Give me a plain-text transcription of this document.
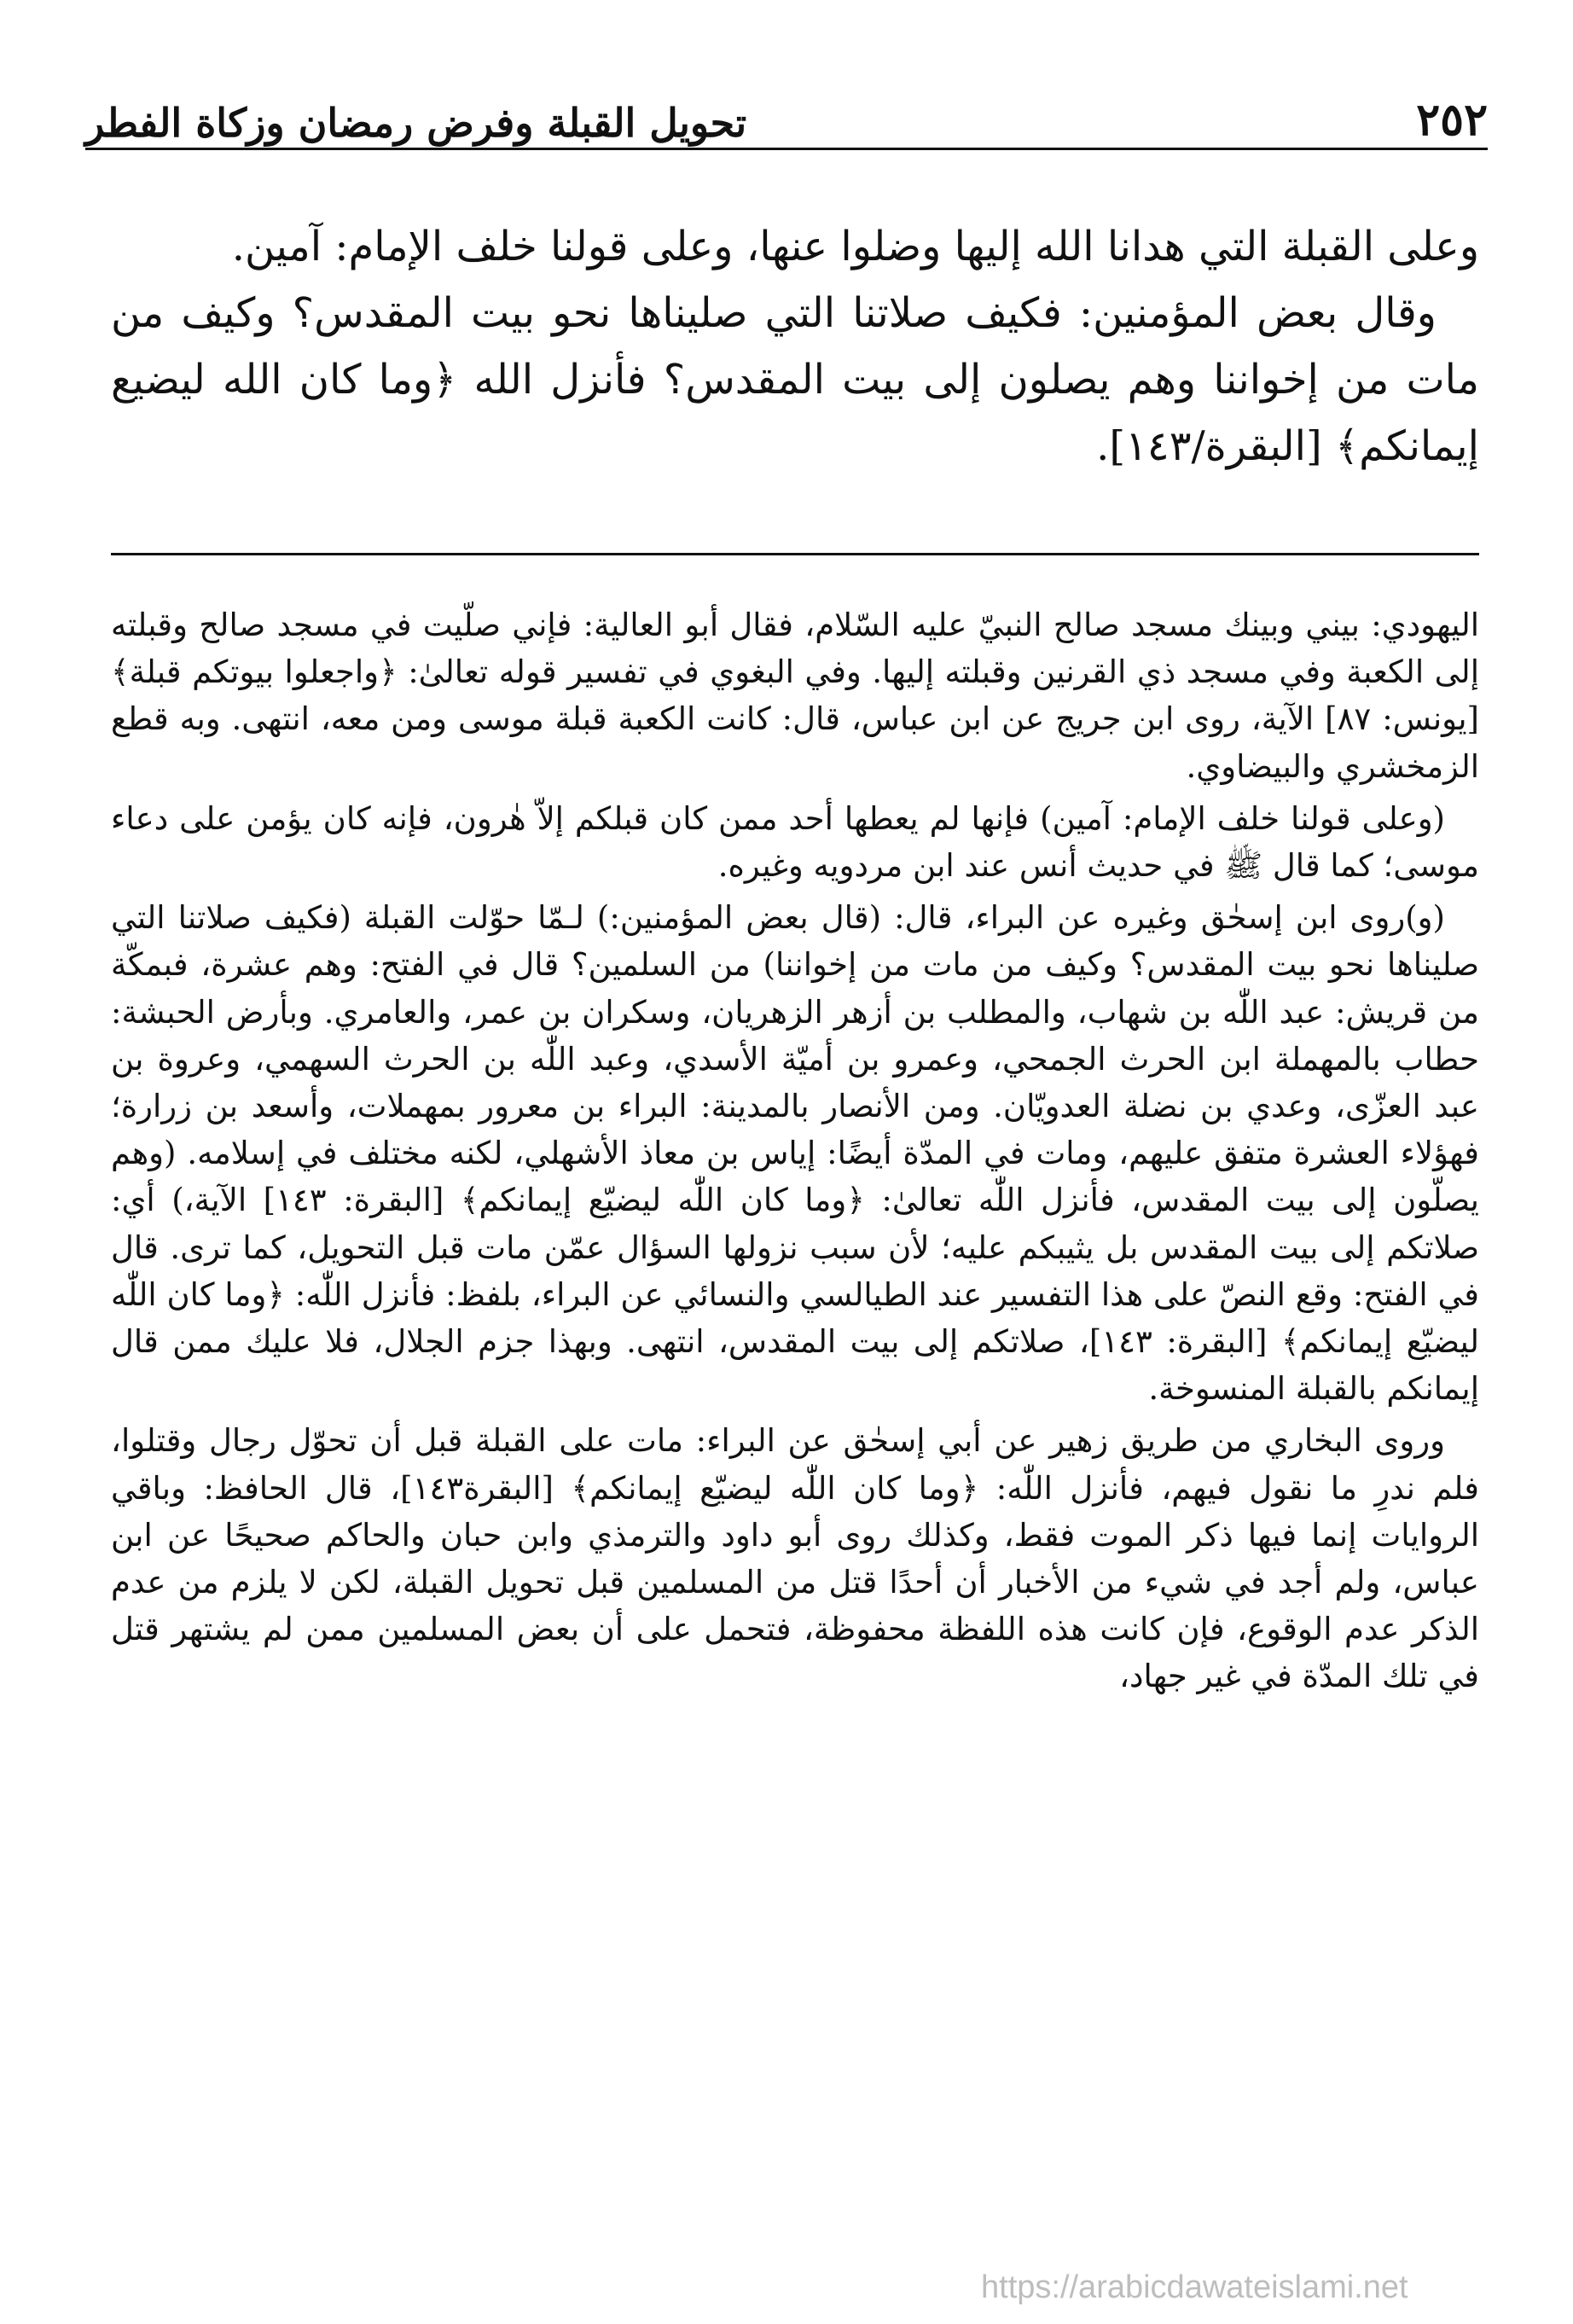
٢٥٢
تحويل القبلة وفرض رمضان وزكاة الفطر

وعلى القبلة التي هدانا الله إليها وضلوا عنها، وعلى قولنا خلف الإمام: آمين.

وقال بعض المؤمنين: فكيف صلاتنا التي صليناها نحو بيت المقدس؟ وكيف من مات من إخواننا وهم يصلون إلى بيت المقدس؟ فأنزل الله ﴿وما كان الله ليضيع إيمانكم﴾ [البقرة/١٤٣].

اليهودي: بيني وبينك مسجد صالح النبيّ عليه السّلام، فقال أبو العالية: فإني صلّيت في مسجد صالح وقبلته إلى الكعبة وفي مسجد ذي القرنين وقبلته إليها. وفي البغوي في تفسير قوله تعالىٰ: ﴿واجعلوا بيوتكم قبلة﴾ [يونس: ٨٧] الآية، روى ابن جريج عن ابن عباس، قال: كانت الكعبة قبلة موسى ومن معه، انتهى. وبه قطع الزمخشري والبيضاوي.

(وعلى قولنا خلف الإمام: آمين) فإنها لم يعطها أحد ممن كان قبلكم إلاّ هٰرون، فإنه كان يؤمن على دعاء موسى؛ كما قال ﷺ في حديث أنس عند ابن مردويه وغيره.

(و)روى ابن إسحٰق وغيره عن البراء، قال: (قال بعض المؤمنين:) لـمّا حوّلت القبلة (فكيف صلاتنا التي صليناها نحو بيت المقدس؟ وكيف من مات من إخواننا) من السلمين؟ قال في الفتح: وهم عشرة، فبمكّة من قريش: عبد اللّٰه بن شهاب، والمطلب بن أزهر الزهريان، وسكران بن عمر، والعامري. وبأرض الحبشة: حطاب بالمهملة ابن الحرث الجمحي، وعمرو بن أميّة الأسدي، وعبد اللّٰه بن الحرث السهمي، وعروة بن عبد العزّى، وعدي بن نضلة العدويّان. ومن الأنصار بالمدينة: البراء بن معرور بمهملات، وأسعد بن زرارة؛ فهؤلاء العشرة متفق عليهم، ومات في المدّة أيضًا: إياس بن معاذ الأشهلي، لكنه مختلف في إسلامه. (وهم يصلّون إلى بيت المقدس، فأنزل اللّٰه تعالىٰ: ﴿وما كان اللّٰه ليضيّع إيمانكم﴾ [البقرة: ١٤٣] الآية،) أي: صلاتكم إلى بيت المقدس بل يثيبكم عليه؛ لأن سبب نزولها السؤال عمّن مات قبل التحويل، كما ترى. قال في الفتح: وقع النصّ على هذا التفسير عند الطيالسي والنسائي عن البراء، بلفظ: فأنزل اللّٰه: ﴿وما كان اللّٰه ليضيّع إيمانكم﴾ [البقرة: ١٤٣]، صلاتكم إلى بيت المقدس، انتهى. وبهذا جزم الجلال، فلا عليك ممن قال إيمانكم بالقبلة المنسوخة.

وروى البخاري من طريق زهير عن أبي إسحٰق عن البراء: مات على القبلة قبل أن تحوّل رجال وقتلوا، فلم ندرِ ما نقول فيهم، فأنزل اللّٰه: ﴿وما كان اللّٰه ليضيّع إيمانكم﴾ [البقرة١٤٣]، قال الحافظ: وباقي الروايات إنما فيها ذكر الموت فقط، وكذلك روى أبو داود والترمذي وابن حبان والحاكم صحيحًا عن ابن عباس، ولم أجد في شيء من الأخبار أن أحدًا قتل من المسلمين قبل تحويل القبلة، لكن لا يلزم من عدم الذكر عدم الوقوع، فإن كانت هذه اللفظة محفوظة، فتحمل على أن بعض المسلمين ممن لم يشتهر قتل في تلك المدّة في غير جهاد،

https://arabicdawateislami.net
